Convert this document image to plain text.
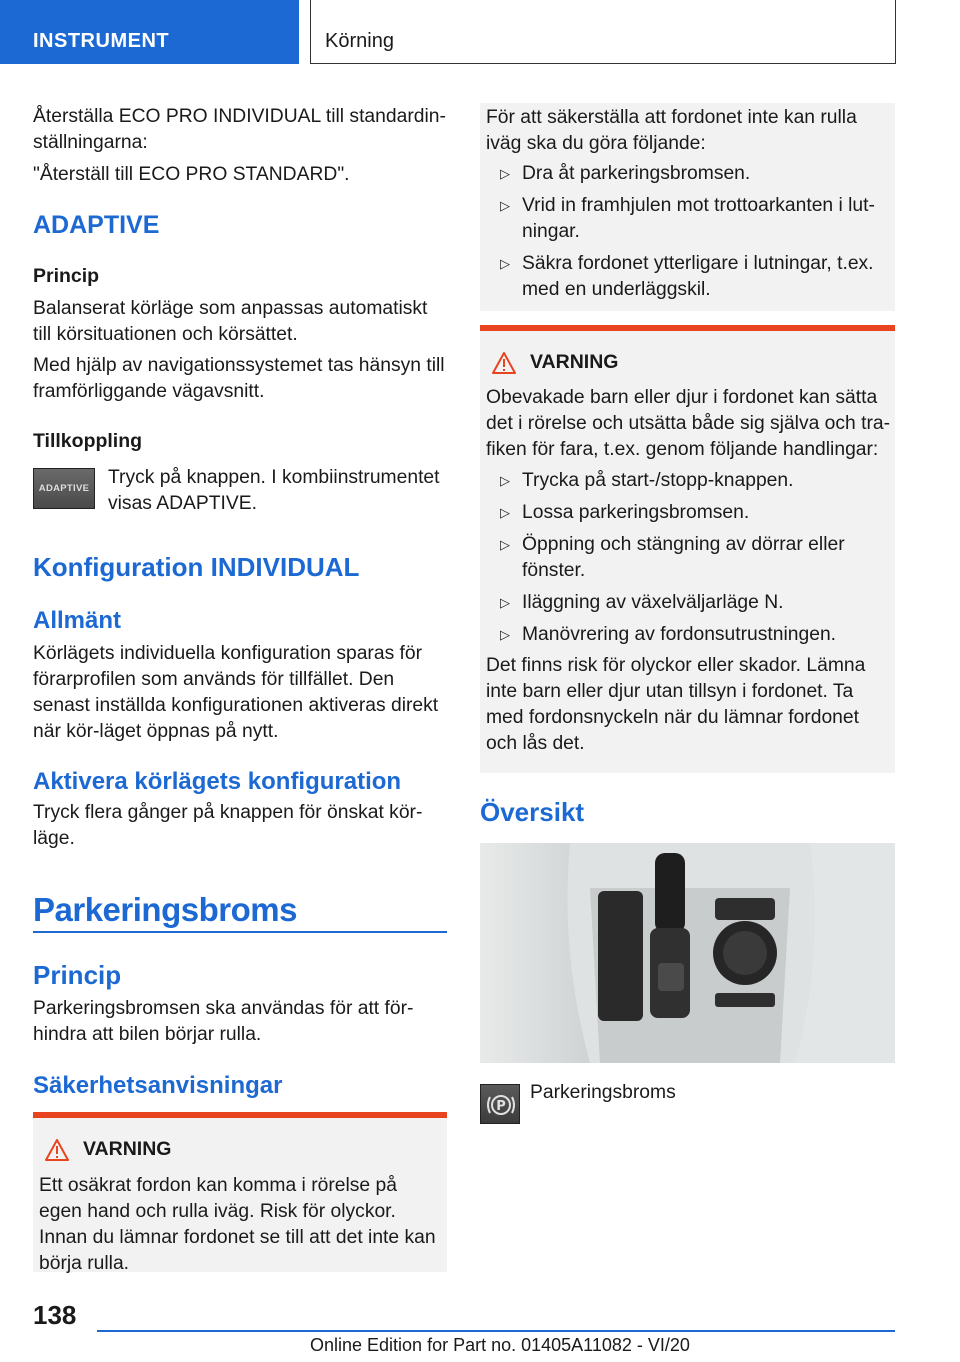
INSTRUMENT	Körning
Återställa ECO PRO INDIVIDUAL till standardin-ställningarna:
"Återställ till ECO PRO STANDARD".
ADAPTIVE
Princip
Balanserat körläge som anpassas automatiskt till körsituationen och körsättet.
Med hjälp av navigationssystemet tas hänsyn till framförliggande vägavsnitt.
Tillkoppling
ADAPTIVE
Tryck på knappen. I kombiinstrumentet visas ADAPTIVE.
Konfiguration INDIVIDUAL
Allmänt
Körlägets individuella konfiguration sparas för förarprofilen som används för tillfället. Den senast inställda konfigurationen aktiveras direkt när kör-läget öppnas på nytt.
Aktivera körlägets konfiguration
Tryck flera gånger på knappen för önskat kör-läge.
Parkeringsbroms
Princip
Parkeringsbromsen ska användas för att för-hindra att bilen börjar rulla.
Säkerhetsanvisningar
VARNING
Ett osäkrat fordon kan komma i rörelse på egen hand och rulla iväg. Risk för olyckor. Innan du lämnar fordonet se till att det inte kan börja rulla.
För att säkerställa att fordonet inte kan rulla iväg ska du göra följande:
▷ Dra åt parkeringsbromsen.
▷ Vrid in framhjulen mot trottoarkanten i lut-ningar.
▷ Säkra fordonet ytterligare i lutningar, t.ex. med en underläggskil.
VARNING
Obevakade barn eller djur i fordonet kan sätta det i rörelse och utsätta både sig själva och tra-fiken för fara, t.ex. genom följande handlingar:
▷ Trycka på start-/stopp-knappen.
▷ Lossa parkeringsbromsen.
▷ Öppning och stängning av dörrar eller fönster.
▷ Iläggning av växelväljarläge N.
▷ Manövrering av fordonsutrustningen.
Det finns risk för olyckor eller skador. Lämna inte barn eller djur utan tillsyn i fordonet. Ta med fordonsnyckeln när du lämnar fordonet och lås det.
Översikt
P
Parkeringsbroms
138
Online Edition for Part no. 01405A11082 - VI/20
